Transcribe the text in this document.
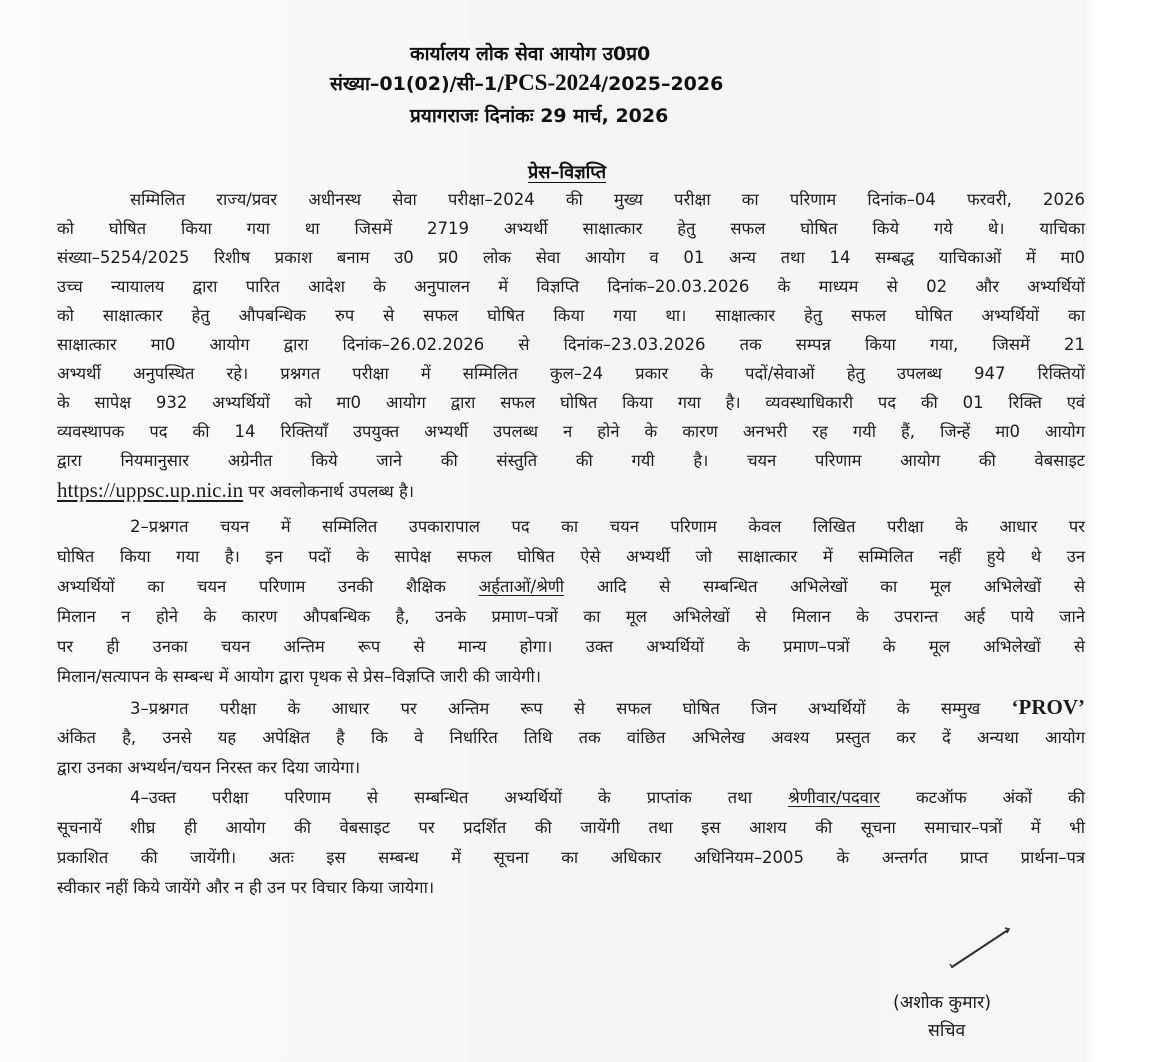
कार्यालय लोक सेवा आयोग उ0प्र0
संख्या–01(02)/सी–1/PCS-2024/2025–2026
प्रयागराजः दिनांकः 29 मार्च, 2026
प्रेस–विज्ञप्ति
सम्मिलित राज्य/प्रवर अधीनस्थ सेवा परीक्षा–2024 की मुख्य परीक्षा का परिणाम दिनांक–04 फरवरी, 2026
को घोषित किया गया था जिसमें 2719 अभ्यर्थी साक्षात्कार हेतु सफल घोषित किये गये थे। याचिका
संख्या–5254/2025 रिशीष प्रकाश बनाम उ0 प्र0 लोक सेवा आयोग व 01 अन्य तथा 14 सम्बद्ध याचिकाओं में मा0
उच्च न्यायालय द्वारा पारित आदेश के अनुपालन में विज्ञप्ति दिनांक–20.03.2026 के माध्यम से 02 और अभ्यर्थियों
को साक्षात्कार हेतु औपबन्धिक रुप से सफल घोषित किया गया था। साक्षात्कार हेतु सफल घोषित अभ्यर्थियों का
साक्षात्कार मा0 आयोग द्वारा दिनांक–26.02.2026 से दिनांक–23.03.2026 तक सम्पन्न किया गया, जिसमें 21
अभ्यर्थी अनुपस्थित रहे। प्रश्नगत परीक्षा में सम्मिलित कुल–24 प्रकार के पदों/सेवाओं हेतु उपलब्ध 947 रिक्तियों
के सापेक्ष 932 अभ्यर्थियों को मा0 आयोग द्वारा सफल घोषित किया गया है। व्यवस्थाधिकारी पद की 01 रिक्ति एवं
व्यवस्थापक पद की 14 रिक्तियाँ उपयुक्त अभ्यर्थी उपलब्ध न होने के कारण अनभरी रह गयी हैं, जिन्हें मा0 आयोग
द्वारा नियमानुसार अग्रेनीत किये जाने की संस्तुति की गयी है। चयन परिणाम आयोग की वेबसाइट
https://uppsc.up.nic.in पर अवलोकनार्थ उपलब्ध है।
2–प्रश्नगत चयन में सम्मिलित उपकारापाल पद का चयन परिणाम केवल लिखित परीक्षा के आधार पर
घोषित किया गया है। इन पदों के सापेक्ष सफल घोषित ऐसे अभ्यर्थी जो साक्षात्कार में सम्मिलित नहीं हुये थे उन
अभ्यर्थियों का चयन परिणाम उनकी शैक्षिक अर्हताओं/श्रेणी आदि से सम्बन्धित अभिलेखों का मूल अभिलेखों से
मिलान न होने के कारण औपबन्धिक है, उनके प्रमाण–पत्रों का मूल अभिलेखों से मिलान के उपरान्त अर्ह पाये जाने
पर ही उनका चयन अन्तिम रूप से मान्य होगा। उक्त अभ्यर्थियों के प्रमाण–पत्रों के मूल अभिलेखों से
मिलान/सत्यापन के सम्बन्ध में आयोग द्वारा पृथक से प्रेस–विज्ञप्ति जारी की जायेगी।
3–प्रश्नगत परीक्षा के आधार पर अन्तिम रूप से सफल घोषित जिन अभ्यर्थियों के सम्मुख ‘PROV’
अंकित है, उनसे यह अपेक्षित है कि वे निर्धारित तिथि तक वांछित अभिलेख अवश्य प्रस्तुत कर दें अन्यथा आयोग
द्वारा उनका अभ्यर्थन/चयन निरस्त कर दिया जायेगा।
4–उक्त परीक्षा परिणाम से सम्बन्धित अभ्यर्थियों के प्राप्तांक तथा श्रेणीवार/पदवार कटऑफ अंकों की
सूचनायें शीघ्र ही आयोग की वेबसाइट पर प्रदर्शित की जायेंगी तथा इस आशय की सूचना समाचार–पत्रों में भी
प्रकाशित की जायेंगी। अतः इस सम्बन्ध में सूचना का अधिकार अधिनियम–2005 के अन्तर्गत प्राप्त प्रार्थना–पत्र
स्वीकार नहीं किये जायेंगे और न ही उन पर विचार किया जायेगा।
(अशोक कुमार)
सचिव
